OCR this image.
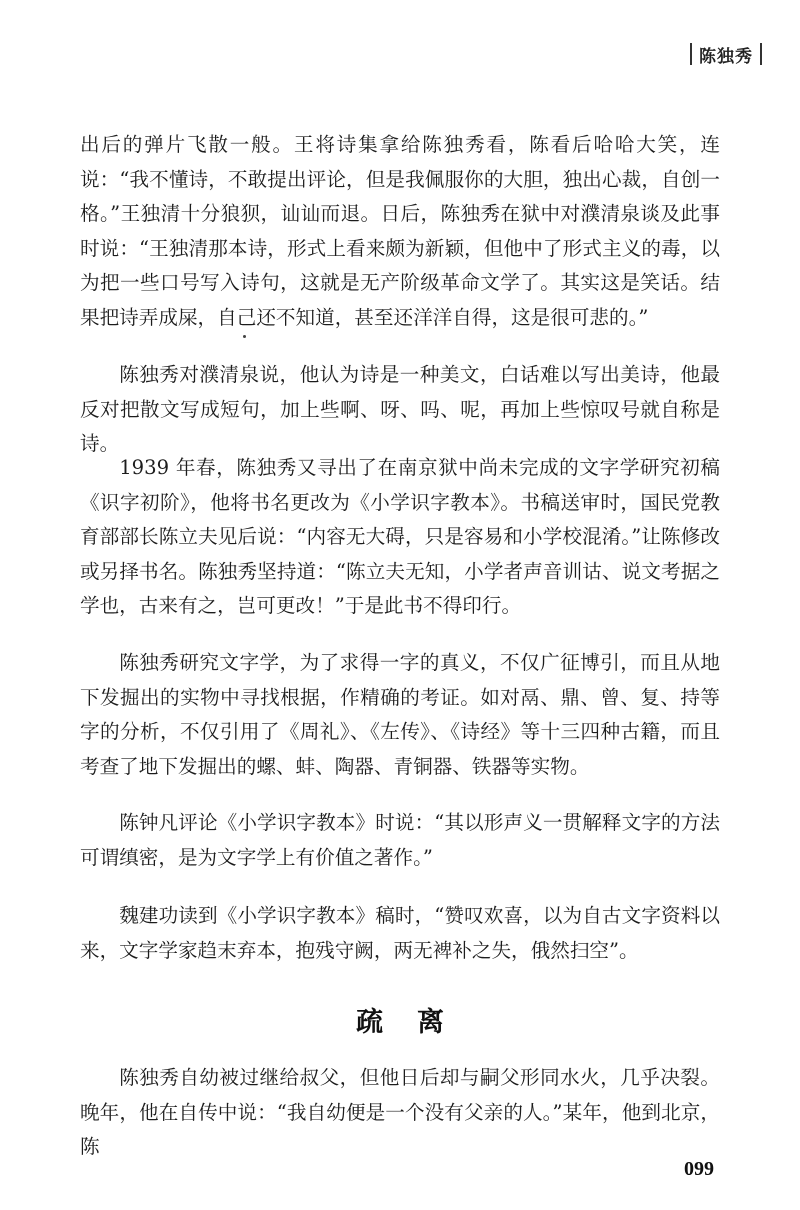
陈独秀

出后的弹片飞散一般。王将诗集拿给陈独秀看，陈看后哈哈大笑，连说：“我不懂诗，不敢提出评论，但是我佩服你的大胆，独出心裁，自创一格。”王独清十分狼狈，讪讪而退。日后，陈独秀在狱中对濮清泉谈及此事时说：“王独清那本诗，形式上看来颇为新颖，但他中了形式主义的毒，以为把一些口号写入诗句，这就是无产阶级革命文学了。其实这是笑话。结果把诗弄成屎，自己还不知道，甚至还洋洋自得，这是很可悲的。”

陈独秀对濮清泉说，他认为诗是一种美文，白话难以写出美诗，他最反对把散文写成短句，加上些啊、呀、吗、呢，再加上些惊叹号就自称是诗。

1939 年春，陈独秀又寻出了在南京狱中尚未完成的文字学研究初稿《识字初阶》，他将书名更改为《小学识字教本》。书稿送审时，国民党教育部部长陈立夫见后说：“内容无大碍，只是容易和小学校混淆。”让陈修改或另择书名。陈独秀坚持道：“陈立夫无知，小学者声音训诂、说文考据之学也，古来有之，岂可更改！”于是此书不得印行。

陈独秀研究文字学，为了求得一字的真义，不仅广征博引，而且从地下发掘出的实物中寻找根据，作精确的考证。如对鬲、鼎、曾、复、持等字的分析，不仅引用了《周礼》、《左传》、《诗经》等十三四种古籍，而且考查了地下发掘出的螺、蚌、陶器、青铜器、铁器等实物。

陈钟凡评论《小学识字教本》时说：“其以形声义一贯解释文字的方法可谓缜密，是为文字学上有价值之著作。”

魏建功读到《小学识字教本》稿时，“赞叹欢喜，以为自古文字资料以来，文字学家趋末弃本，抱残守阙，两无裨补之失，俄然扫空”。

疏离

陈独秀自幼被过继给叔父，但他日后却与嗣父形同水火，几乎决裂。晚年，他在自传中说：“我自幼便是一个没有父亲的人。”某年，他到北京，陈

099
